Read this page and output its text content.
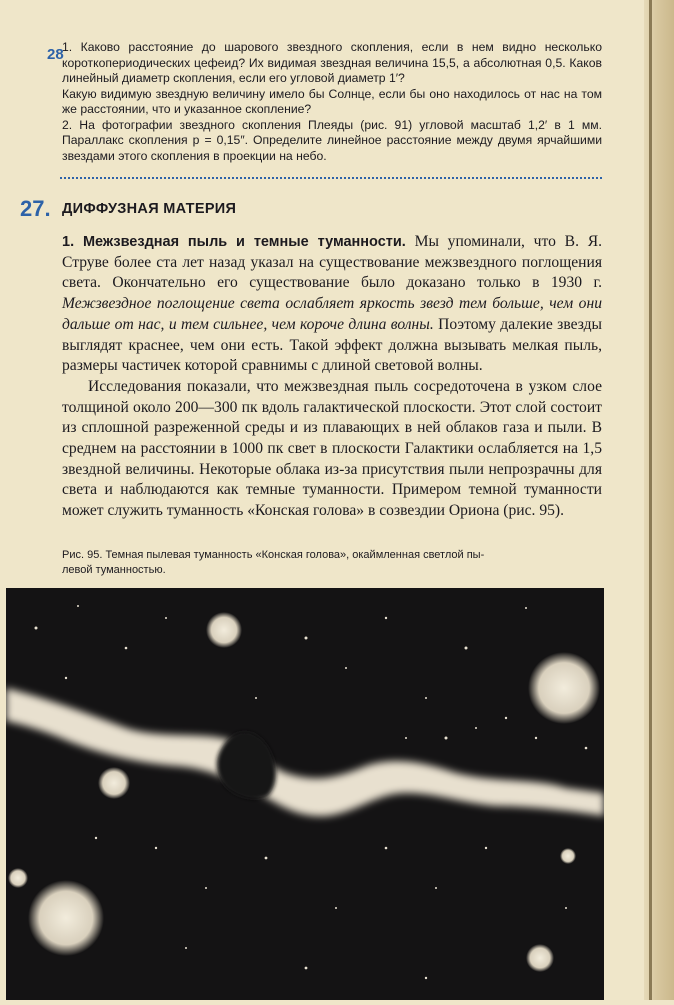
28

1. Каково расстояние до шарового звездного скопления, если в нем видно несколько короткопериодических цефеид? Их видимая звездная величина 15,5, а абсолютная 0,5. Каков линейный диаметр скопления, если его угловой диаметр 1′?

Какую видимую звездную величину имело бы Солнце, если бы оно находилось от нас на том же расстоянии, что и указанное скопление?

2. На фотографии звездного скопления Плеяды (рис. 91) угловой масштаб 1,2′ в 1 мм. Параллакс скопления p = 0,15″. Определите линейное расстояние между двумя ярчайшими звездами этого скопления в проекции на небо.

27. ДИФФУЗНАЯ МАТЕРИЯ

1. Межзвездная пыль и темные туманности. Мы упоминали, что В. Я. Струве более ста лет назад указал на существование межзвездного поглощения света. Окончательно его существование было доказано только в 1930 г. Межзвездное поглощение света ослабляет яркость звезд тем больше, чем они дальше от нас, и тем сильнее, чем короче длина волны. Поэтому далекие звезды выглядят краснее, чем они есть. Такой эффект должна вызывать мелкая пыль, размеры частичек которой сравнимы с длиной световой волны.

Исследования показали, что межзвездная пыль сосредоточена в узком слое толщиной около 200—300 пк вдоль галактической плоскости. Этот слой состоит из сплошной разреженной среды и из плавающих в ней облаков газа и пыли. В среднем на расстоянии в 1000 пк свет в плоскости Галактики ослабляется на 1,5 звездной величины. Некоторые облака из-за присутствия пыли непрозрачны для света и наблюдаются как темные туманности. Примером темной туманности может служить туманность «Конская голова» в созвездии Ориона (рис. 95).

Рис. 95. Темная пылевая туманность «Конская голова», окаймленная светлой пы-
левой туманностью.
